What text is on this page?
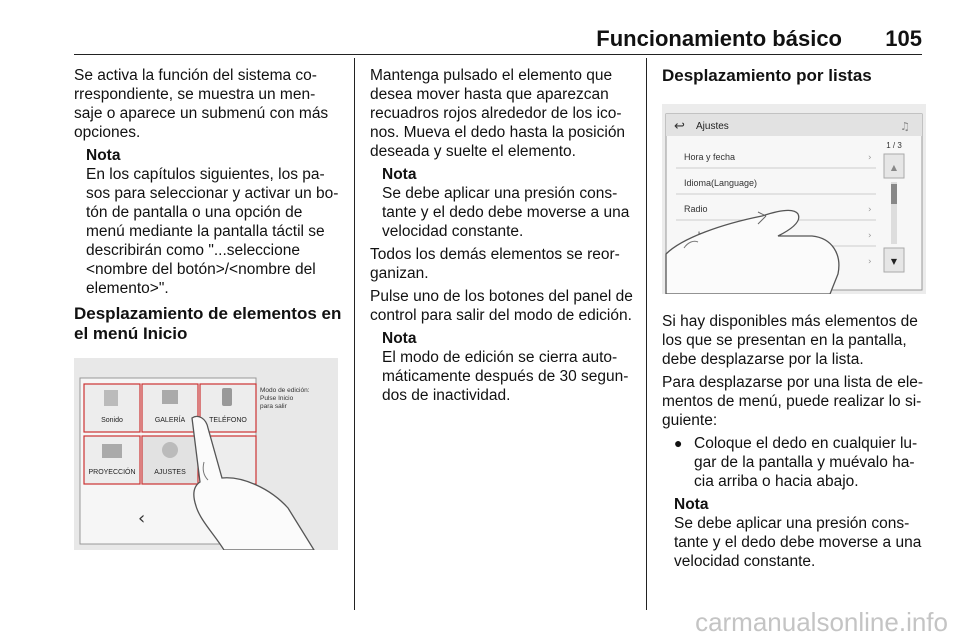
Funcionamiento básico 105

Se activa la función del sistema co-rrespondiente, se muestra un men-saje o aparece un submenú con más opciones.

Nota

En los capítulos siguientes, los pa-sos para seleccionar y activar un bo-tón de pantalla o una opción de menú mediante la pantalla táctil se describirán como "...seleccione <nombre del botón>/<nombre del elemento>".

Desplazamiento de elementos en el menú Inicio
Sonido	GALERÍA	TELÉFONO
PROYECCIÓN	AJUSTES
Modo de edición: Pulse Inicio para salir
‹

Mantenga pulsado el elemento que desea mover hasta que aparezcan recuadros rojos alrededor de los ico-nos. Mueva el dedo hasta la posición deseada y suelte el elemento.

Nota

Se debe aplicar una presión cons-tante y el dedo debe moverse a una velocidad constante.

Todos los demás elementos se reor-ganizan.

Pulse uno de los botones del panel de control para salir del modo de edición.

Nota

El modo de edición se cierra auto-máticamente después de 30 segun-dos de inactividad.

Desplazamiento por listas
↩ Ajustes	♫
1 / 3
▲
▼
Hora y fecha
Idioma(Language)
Radio
›
›
›
›

Si hay disponibles más elementos de los que se presentan en la pantalla, debe desplazarse por la lista.

Para desplazarse por una lista de ele-mentos de menú, puede realizar lo si-guiente:

● Coloque el dedo en cualquier lu-gar de la pantalla y muévalo ha-cia arriba o hacia abajo.
Nota

Se debe aplicar una presión cons-tante y el dedo debe moverse a una velocidad constante.

carmanualsonline.info
